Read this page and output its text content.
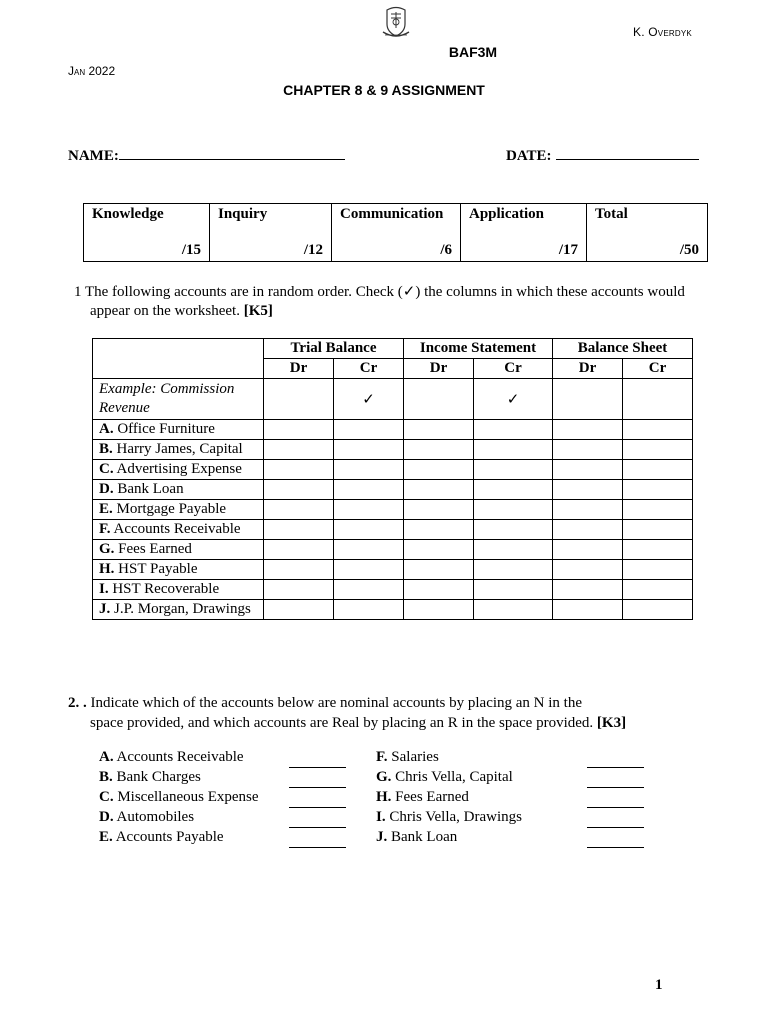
K. Overdyk
BAF3M
Jan 2022
CHAPTER 8 & 9 ASSIGNMENT
NAME:	DATE:
Knowledge
/15

Inquiry
/12

Communication
/6

Application
/17

Total
/50
1 The following accounts are in random order. Check (✓) the columns in which these accounts would
appear on the worksheet. [K5]
	Trial Balance		Income Statement		Balance Sheet	
	Dr	Cr	Dr	Cr	Dr	Cr
Example: Commission Revenue		✓		✓		
A. Office Furniture						
B. Harry James, Capital						
C. Advertising Expense						
D. Bank Loan						
E. Mortgage Payable						
F. Accounts Receivable						
G. Fees Earned						
H. HST Payable						
I. HST Recoverable						
J. J.P. Morgan, Drawings						
2. . Indicate which of the accounts below are nominal accounts by placing an N in the
space provided, and which accounts are Real by placing an R in the space provided. [K3]
A. Accounts Receivable
B. Bank Charges
C. Miscellaneous Expense
D. Automobiles
E. Accounts Payable
F. Salaries
G. Chris Vella, Capital
H. Fees Earned
I. Chris Vella, Drawings
J. Bank Loan
1
